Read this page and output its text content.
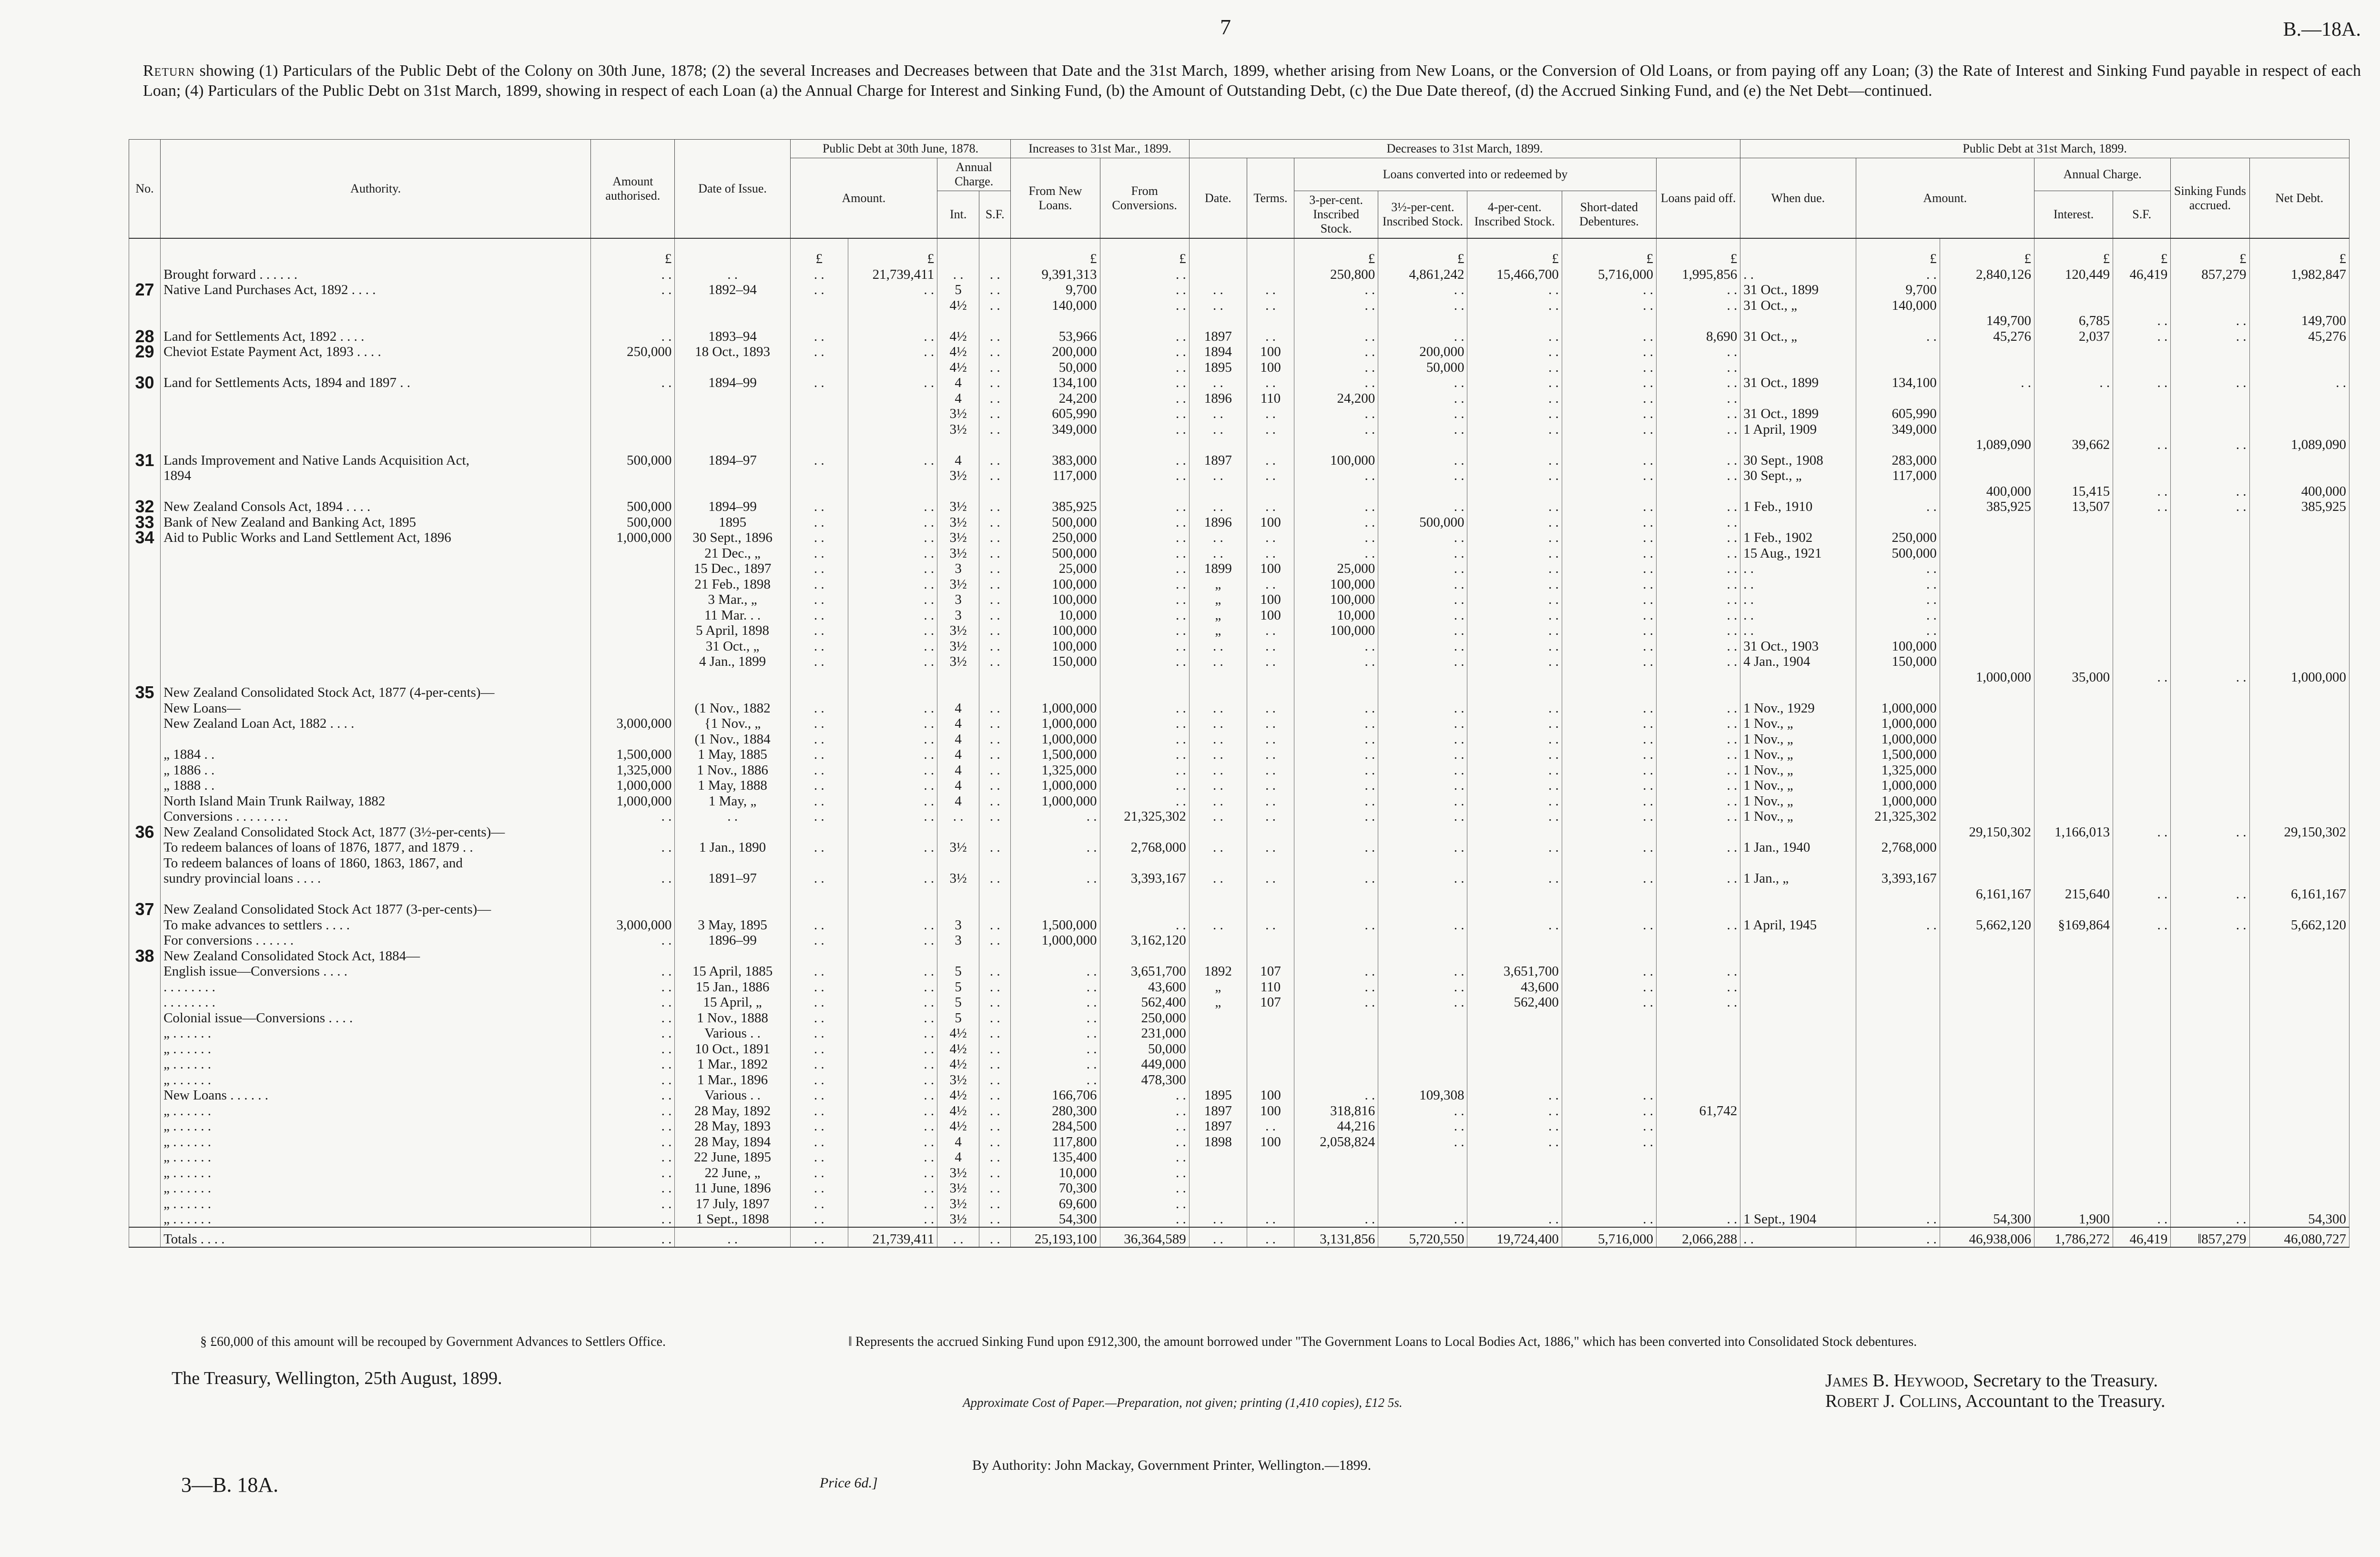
7	B.—18A.
Return showing (1) Particulars of the Public Debt of the Colony on 30th June, 1878; (2) the several Increases and Decreases between that Date and the 31st March, 1899, whether arising from New Loans, or the Conversion of Old Loans, or from paying off any Loan; (3) the Rate of Interest and Sinking Fund payable in respect of each Loan; (4) Particulars of the Public Debt on 31st March, 1899, showing in respect of each Loan (a) the Annual Charge for Interest and Sinking Fund, (b) the Amount of Outstanding Debt, (c) the Due Date thereof, (d) the Accrued Sinking Fund, and (e) the Net Debt—continued.
No.	Authority.	Amount authorised.	Date of Issue.	Public Debt at 30th June, 1878.				Increases to 31st Mar., 1899.		Decreases to 31st March, 1899.							Public Debt at 31st March, 1899.						
				Amount.		Annual Charge.		From New Loans.	From Conversions.	Date.	Terms.	Loans converted into or redeemed by				Loans paid off.	When due.	Amount.		Annual Charge.		Sinking Funds accrued.	Net Debt.
						Int.	S.F.					3-per-cent. Inscribed Stock.	3½-per-cent. Inscribed Stock.	4-per-cent. Inscribed Stock.	Short-dated Debentures.					Interest.	S.F.		
		£		£	£			£	£			£	£	£	£	£		£	£	£	£	£	£
	Brought forward . . . . . .	. .	. .	. .	21,739,411	. .	. .	9,391,313	. .			250,800	4,861,242	15,466,700	5,716,000	1,995,856	. .	. .	2,840,126	120,449	46,419	857,279	1,982,847
27	Native Land Purchases Act, 1892 . . . .	. .	1892–94	. .	. .	5	. .	9,700	. .	. .	. .	. .	. .	. .	. .	. .	31 Oct., 1899	9,700					
						4½	. .	140,000	. .	. .	. .	. .	. .	. .	. .	. .	31 Oct., „	140,000					
																			149,700	6,785	. .	. .	149,700
28	Land for Settlements Act, 1892 . . . .	. .	1893–94	. .	. .	4½	. .	53,966	. .	1897	. .	. .	. .	. .	. .	8,690	31 Oct., „	. .	45,276	2,037	. .	. .	45,276
29	Cheviot Estate Payment Act, 1893 . . . .	250,000	18 Oct., 1893	. .	. .	4½	. .	200,000	. .	1894	100	. .	200,000	. .	. .	. .							
						4½	. .	50,000	. .	1895	100	. .	50,000	. .	. .	. .							
30	Land for Settlements Acts, 1894 and 1897 . .	. .	1894–99	. .	. .	4	. .	134,100	. .	. .	. .	. .	. .	. .	. .	. .	31 Oct., 1899	134,100	. .	. .	. .	. .	. .
						4	. .	24,200	. .	1896	110	24,200	. .	. .	. .	. .							
						3½	. .	605,990	. .	. .	. .	. .	. .	. .	. .	. .	31 Oct., 1899	605,990					
						3½	. .	349,000	. .	. .	. .	. .	. .	. .	. .	. .	1 April, 1909	349,000					
																			1,089,090	39,662	. .	. .	1,089,090
31	Lands Improvement and Native Lands Acquisition Act,	500,000	1894–97	. .	. .	4	. .	383,000	. .	1897	. .	100,000	. .	. .	. .	. .	30 Sept., 1908	283,000					
	1894					3½	. .	117,000	. .	. .	. .	. .	. .	. .	. .	. .	30 Sept., „	117,000					
																			400,000	15,415	. .	. .	400,000
32	New Zealand Consols Act, 1894 . . . .	500,000	1894–99	. .	. .	3½	. .	385,925	. .	. .	. .	. .	. .	. .	. .	. .	1 Feb., 1910	. .	385,925	13,507	. .	. .	385,925
33	Bank of New Zealand and Banking Act, 1895	500,000	1895	. .	. .	3½	. .	500,000	. .	1896	100	. .	500,000	. .	. .	. .							
34	Aid to Public Works and Land Settlement Act, 1896	1,000,000	30 Sept., 1896	. .	. .	3½	. .	250,000	. .	. .	. .	. .	. .	. .	. .	. .	1 Feb., 1902	250,000					
			21 Dec., „	. .	. .	3½	. .	500,000	. .	. .	. .	. .	. .	. .	. .	. .	15 Aug., 1921	500,000					
			15 Dec., 1897	. .	. .	3	. .	25,000	. .	1899	100	25,000	. .	. .	. .	. .	. .	. .					
			21 Feb., 1898	. .	. .	3½	. .	100,000	. .	„	. .	100,000	. .	. .	. .	. .	. .	. .					
			3 Mar., „	. .	. .	3	. .	100,000	. .	„	100	100,000	. .	. .	. .	. .	. .	. .					
			11 Mar. . .	. .	. .	3	. .	10,000	. .	„	100	10,000	. .	. .	. .	. .	. .	. .					
			5 April, 1898	. .	. .	3½	. .	100,000	. .	„	. .	100,000	. .	. .	. .	. .	. .	. .					
			31 Oct., „	. .	. .	3½	. .	100,000	. .	. .	. .	. .	. .	. .	. .	. .	31 Oct., 1903	100,000					
			4 Jan., 1899	. .	. .	3½	. .	150,000	. .	. .	. .	. .	. .	. .	. .	. .	4 Jan., 1904	150,000					
																			1,000,000	35,000	. .	. .	1,000,000
35	New Zealand Consolidated Stock Act, 1877 (4-per-cents)—																						
	New Loans—		(1 Nov., 1882	. .	. .	4	. .	1,000,000	. .	. .	. .	. .	. .	. .	. .	. .	1 Nov., 1929	1,000,000					
	New Zealand Loan Act, 1882 . . . .	3,000,000	{1 Nov., „	. .	. .	4	. .	1,000,000	. .	. .	. .	. .	. .	. .	. .	. .	1 Nov., „	1,000,000					
			(1 Nov., 1884	. .	. .	4	. .	1,000,000	. .	. .	. .	. .	. .	. .	. .	. .	1 Nov., „	1,000,000					
	„ 1884 . .	1,500,000	1 May, 1885	. .	. .	4	. .	1,500,000	. .	. .	. .	. .	. .	. .	. .	. .	1 Nov., „	1,500,000					
	„ 1886 . .	1,325,000	1 Nov., 1886	. .	. .	4	. .	1,325,000	. .	. .	. .	. .	. .	. .	. .	. .	1 Nov., „	1,325,000					
	„ 1888 . .	1,000,000	1 May, 1888	. .	. .	4	. .	1,000,000	. .	. .	. .	. .	. .	. .	. .	. .	1 Nov., „	1,000,000					
	North Island Main Trunk Railway, 1882	1,000,000	1 May, „	. .	. .	4	. .	1,000,000	. .	. .	. .	. .	. .	. .	. .	. .	1 Nov., „	1,000,000					
	Conversions . . . . . . . .	. .	. .	. .	. .	. .	. .	. .	21,325,302	. .	. .	. .	. .	. .	. .	. .	1 Nov., „	21,325,302					
36	New Zealand Consolidated Stock Act, 1877 (3½-per-cents)—																		29,150,302	1,166,013	. .	. .	29,150,302
	To redeem balances of loans of 1876, 1877, and 1879 . .	. .	1 Jan., 1890	. .	. .	3½	. .	. .	2,768,000	. .	. .	. .	. .	. .	. .	. .	1 Jan., 1940	2,768,000					
	To redeem balances of loans of 1860, 1863, 1867, and																						
	sundry provincial loans . . . .	. .	1891–97	. .	. .	3½	. .	. .	3,393,167	. .	. .	. .	. .	. .	. .	. .	1 Jan., „	3,393,167					
																			6,161,167	215,640	. .	. .	6,161,167
37	New Zealand Consolidated Stock Act 1877 (3-per-cents)—																						
	To make advances to settlers . . . .	3,000,000	3 May, 1895	. .	. .	3	. .	1,500,000	. .	. .	. .	. .	. .	. .	. .	. .	1 April, 1945	. .	5,662,120	§169,864	. .	. .	5,662,120
	For conversions . . . . . .	. .	1896–99	. .	. .	3	. .	1,000,000	3,162,120														
38	New Zealand Consolidated Stock Act, 1884—																						
	English issue—Conversions . . . .	. .	15 April, 1885	. .	. .	5	. .	. .	3,651,700	1892	107	. .	. .	3,651,700	. .	. .							
	. . . . . . . .	. .	15 Jan., 1886	. .	. .	5	. .	. .	43,600	„	110	. .	. .	43,600	. .	. .							
	. . . . . . . .	. .	15 April, „	. .	. .	5	. .	. .	562,400	„	107	. .	. .	562,400	. .	. .							
	Colonial issue—Conversions . . . .	. .	1 Nov., 1888	. .	. .	5	. .	. .	250,000														
	„ . . . . . .	. .	Various . .	. .	. .	4½	. .	. .	231,000														
	„ . . . . . .	. .	10 Oct., 1891	. .	. .	4½	. .	. .	50,000														
	„ . . . . . .	. .	1 Mar., 1892	. .	. .	4½	. .	. .	449,000														
	„ . . . . . .	. .	1 Mar., 1896	. .	. .	3½	. .	. .	478,300														
	New Loans . . . . . .	. .	Various . .	. .	. .	4½	. .	166,706	. .	1895	100	. .	109,308	. .	. .								
	„ . . . . . .	. .	28 May, 1892	. .	. .	4½	. .	280,300	. .	1897	100	318,816	. .	. .	. .	61,742							
	„ . . . . . .	. .	28 May, 1893	. .	. .	4½	. .	284,500	. .	1897	. .	44,216	. .	. .	. .								
	„ . . . . . .	. .	28 May, 1894	. .	. .	4	. .	117,800	. .	1898	100	2,058,824	. .	. .	. .								
	„ . . . . . .	. .	22 June, 1895	. .	. .	4	. .	135,400	. .														
	„ . . . . . .	. .	22 June, „	. .	. .	3½	. .	10,000	. .														
	„ . . . . . .	. .	11 June, 1896	. .	. .	3½	. .	70,300	. .														
	„ . . . . . .	. .	17 July, 1897	. .	. .	3½	. .	69,600	. .														
	„ . . . . . .	. .	1 Sept., 1898	. .	. .	3½	. .	54,300	. .	. .	. .	. .	. .	. .	. .	. .	1 Sept., 1904	. .	54,300	1,900	. .	. .	54,300
	Totals . . . .	. .	. .	. .	21,739,411	. .	. .	25,193,100	36,364,589	. .	. .	3,131,856	5,720,550	19,724,400	5,716,000	2,066,288	. .	. .	46,938,006	1,786,272	46,419	‖857,279	46,080,727
§ £60,000 of this amount will be recouped by Government Advances to Settlers Office.	‖ Represents the accrued Sinking Fund upon £912,300, the amount borrowed under "The Government Loans to Local Bodies Act, 1886," which has been converted into Consolidated Stock debentures.
The Treasury, Wellington, 25th August, 1899.
Approximate Cost of Paper.—Preparation, not given; printing (1,410 copies), £12 5s.
James B. Heywood, Secretary to the Treasury.
Robert J. Collins, Accountant to the Treasury.
By Authority: John Mackay, Government Printer, Wellington.—1899.
3—B. 18A.	Price 6d.]
